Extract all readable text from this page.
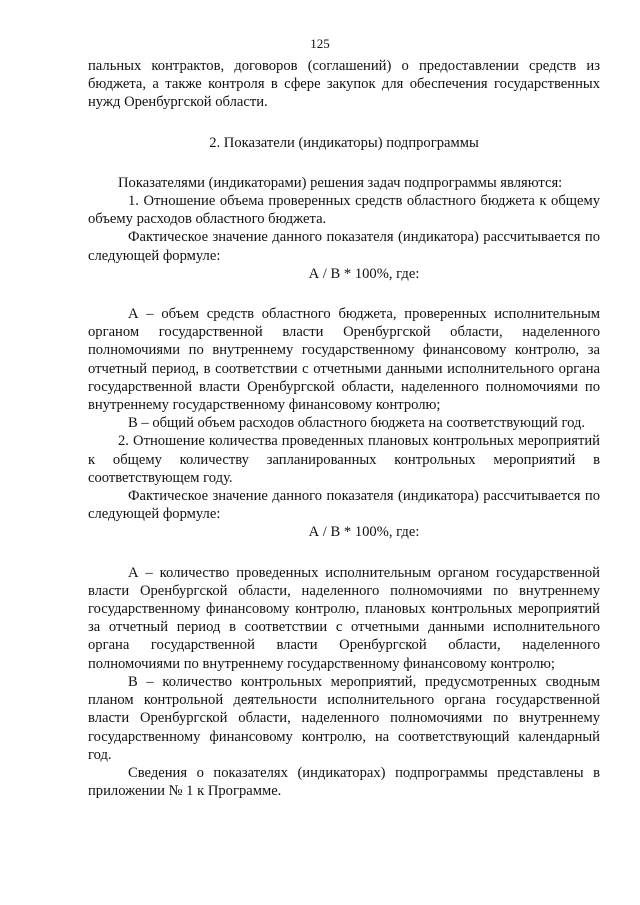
125

пальных контрактов, договоров (соглашений) о предоставлении средств из бюджета, а также контроля в сфере закупок для обеспечения государственных нужд Оренбургской области.

2. Показатели (индикаторы) подпрограммы

Показателями (индикаторами) решения задач подпрограммы являются:

1. Отношение объема проверенных средств областного бюджета к общему объему расходов областного бюджета.

Фактическое значение данного показателя (индикатора) рассчитывается по следующей формуле:

А / В * 100%, где:

А – объем средств областного бюджета, проверенных исполнительным органом государственной власти Оренбургской области, наделенного полномочиями по внутреннему государственному финансовому контролю, за отчетный период, в соответствии с отчетными данными исполнительного органа государственной власти Оренбургской области, наделенного полномочиями по внутреннему государственному финансовому контролю;

В – общий объем расходов областного бюджета на соответствующий год.

2. Отношение количества проведенных плановых контрольных мероприятий к общему количеству запланированных контрольных мероприятий в соответствующем году.

Фактическое значение данного показателя (индикатора) рассчитывается по следующей формуле:

А / В * 100%, где:

А – количество проведенных исполнительным органом государственной власти Оренбургской области, наделенного полномочиями по внутреннему государственному финансовому контролю, плановых контрольных мероприятий за отчетный период в соответствии с отчетными данными исполнительного органа государственной власти Оренбургской области, наделенного полномочиями по внутреннему государственному финансовому контролю;

В – количество контрольных мероприятий, предусмотренных сводным планом контрольной деятельности исполнительного органа государственной власти Оренбургской области, наделенного полномочиями по внутреннему государственному финансовому контролю, на соответствующий календарный год.

Сведения о показателях (индикаторах) подпрограммы представлены в приложении № 1 к Программе.
